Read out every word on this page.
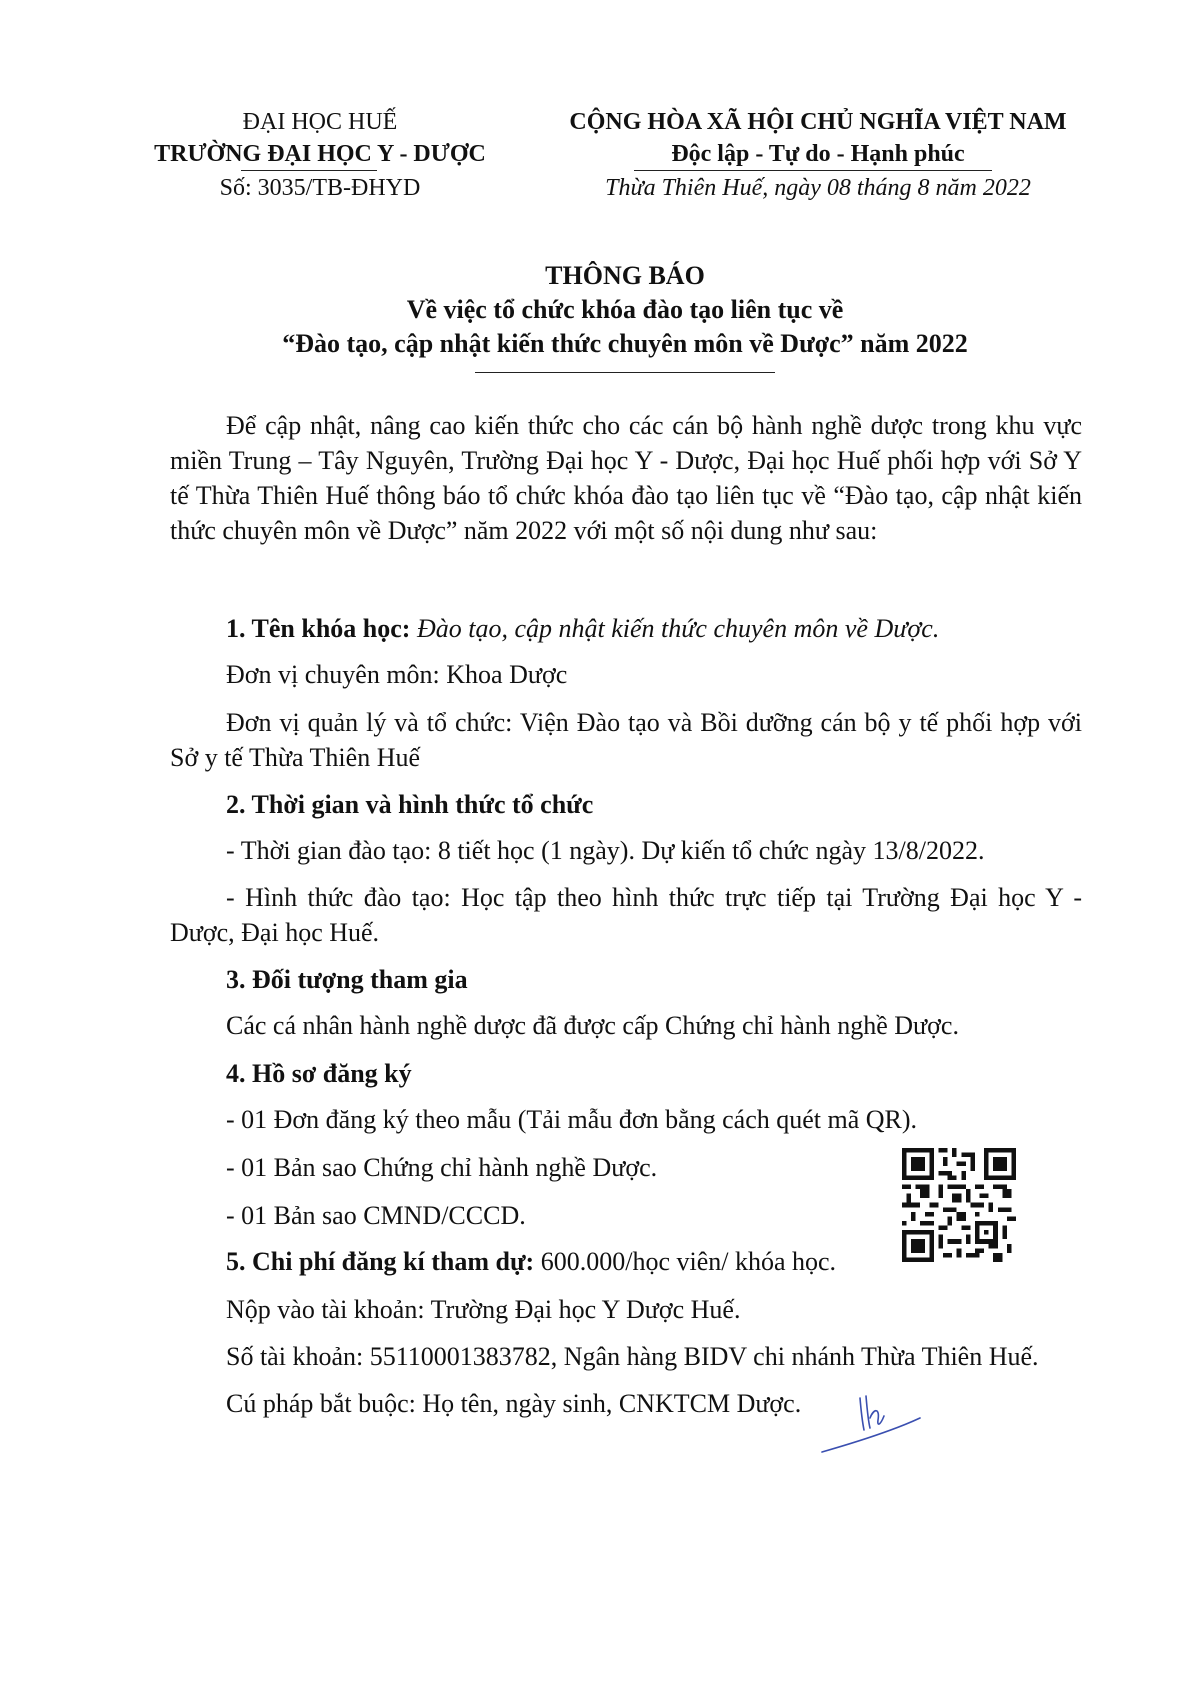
ĐẠI HỌC HUẾ
TRƯỜNG ĐẠI HỌC Y - DƯỢC
Số: 3035/TB-ĐHYD
CỘNG HÒA XÃ HỘI CHỦ NGHĨA VIỆT NAM
Độc lập - Tự do - Hạnh phúc
Thừa Thiên Huế, ngày 08 tháng 8 năm 2022
THÔNG BÁO
Về việc tổ chức khóa đào tạo liên tục về
“Đào tạo, cập nhật kiến thức chuyên môn về Dược” năm 2022
Để cập nhật, nâng cao kiến thức cho các cán bộ hành nghề dược trong khu vực miền Trung – Tây Nguyên, Trường Đại học Y - Dược, Đại học Huế phối hợp với Sở Y tế Thừa Thiên Huế thông báo tổ chức khóa đào tạo liên tục về “Đào tạo, cập nhật kiến thức chuyên môn về Dược” năm 2022 với một số nội dung như sau:
1. Tên khóa học: Đào tạo, cập nhật kiến thức chuyên môn về Dược.
Đơn vị chuyên môn: Khoa Dược
Đơn vị quản lý và tổ chức: Viện Đào tạo và Bồi dưỡng cán bộ y tế phối hợp với Sở y tế Thừa Thiên Huế
2. Thời gian và hình thức tổ chức
- Thời gian đào tạo: 8 tiết học (1 ngày). Dự kiến tổ chức ngày 13/8/2022.
- Hình thức đào tạo: Học tập theo hình thức trực tiếp tại Trường Đại học Y - Dược, Đại học Huế.
3. Đối tượng tham gia
Các cá nhân hành nghề dược đã được cấp Chứng chỉ hành nghề Dược.
4. Hồ sơ đăng ký
- 01 Đơn đăng ký theo mẫu (Tải mẫu đơn bằng cách quét mã QR).
- 01 Bản sao Chứng chỉ hành nghề Dược.
- 01 Bản sao CMND/CCCD.
5. Chi phí đăng kí tham dự: 600.000/học viên/ khóa học.
Nộp vào tài khoản: Trường Đại học Y Dược Huế.
Số tài khoản: 55110001383782, Ngân hàng BIDV chi nhánh Thừa Thiên Huế.
Cú pháp bắt buộc: Họ tên, ngày sinh, CNKTCM Dược.
